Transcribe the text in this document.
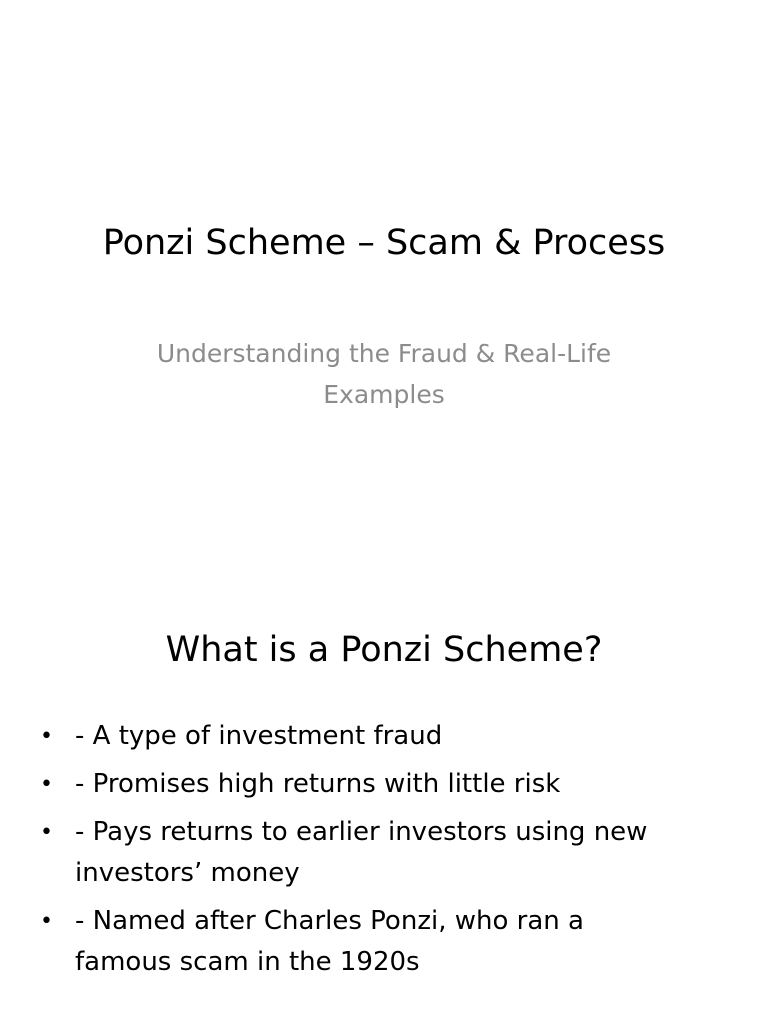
Ponzi Scheme – Scam & Process
Understanding the Fraud & Real-Life
Examples
What is a Ponzi Scheme?
• - A type of investment fraud
• - Promises high returns with little risk
• - Pays returns to earlier investors using new
investors’ money
• - Named after Charles Ponzi, who ran a
famous scam in the 1920s
